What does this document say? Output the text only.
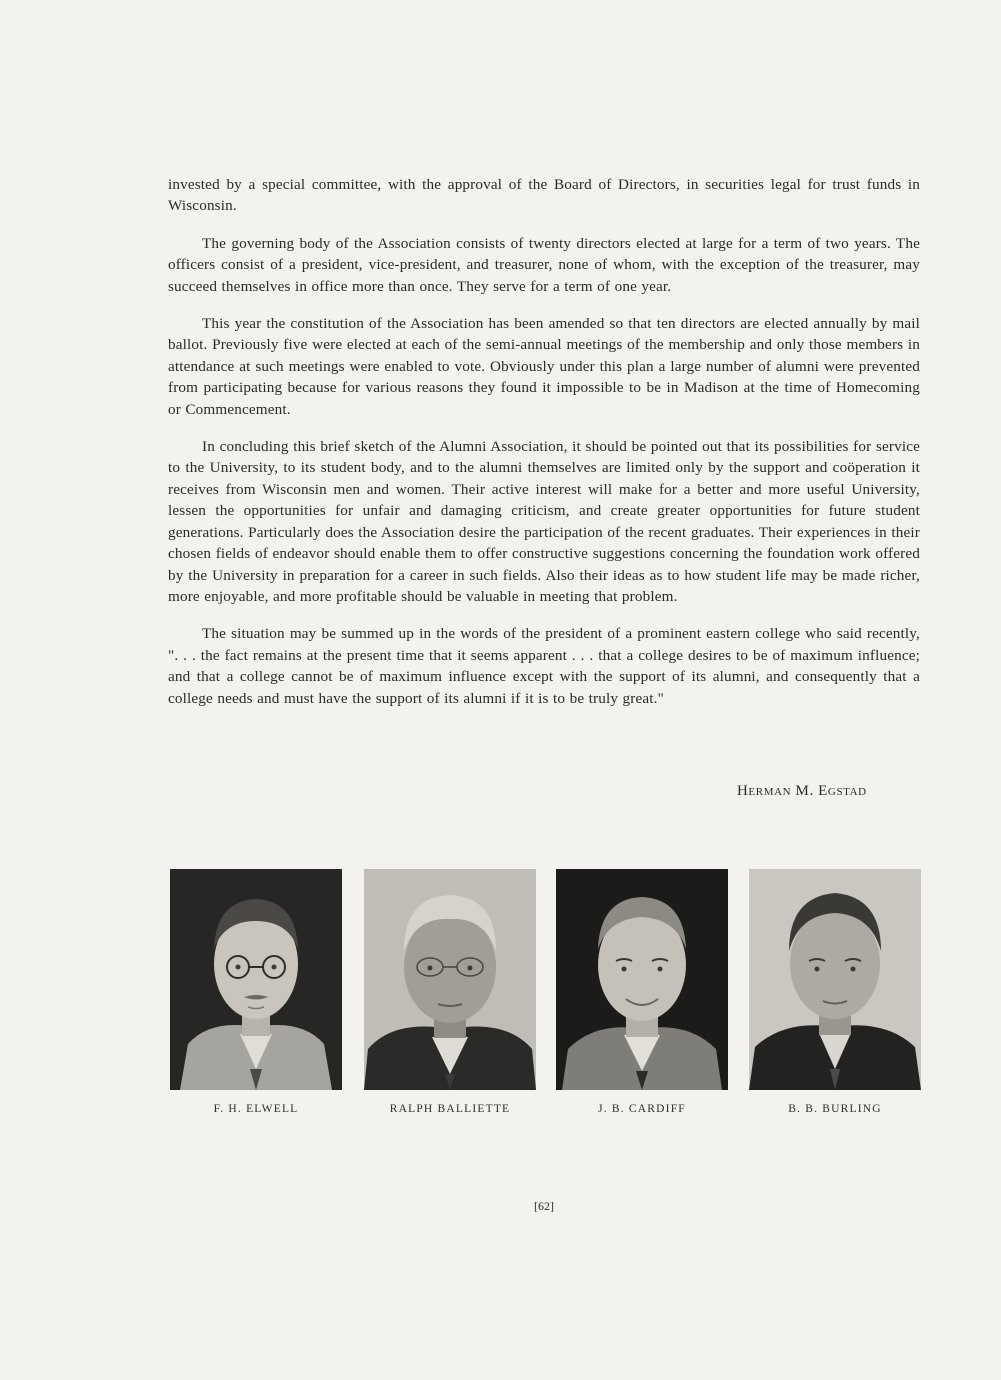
invested by a special committee, with the approval of the Board of Directors, in securities legal for trust funds in Wisconsin.

The governing body of the Association consists of twenty directors elected at large for a term of two years. The officers consist of a president, vice-president, and treasurer, none of whom, with the exception of the treasurer, may succeed themselves in office more than once. They serve for a term of one year.

This year the constitution of the Association has been amended so that ten directors are elected annually by mail ballot. Previously five were elected at each of the semi-annual meetings of the membership and only those members in attendance at such meetings were enabled to vote. Obviously under this plan a large number of alumni were prevented from participating because for various reasons they found it impossible to be in Madison at the time of Homecoming or Commencement.

In concluding this brief sketch of the Alumni Association, it should be pointed out that its possibilities for service to the University, to its student body, and to the alumni themselves are limited only by the support and coöperation it receives from Wisconsin men and women. Their active interest will make for a better and more useful University, lessen the opportunities for unfair and damaging criticism, and create greater opportunities for future student generations. Particularly does the Association desire the participation of the recent graduates. Their experiences in their chosen fields of endeavor should enable them to offer constructive suggestions concerning the foundation work offered by the University in preparation for a career in such fields. Also their ideas as to how student life may be made richer, more enjoyable, and more profitable should be valuable in meeting that problem.

The situation may be summed up in the words of the president of a prominent eastern college who said recently, ". . . the fact remains at the present time that it seems apparent . . . that a college desires to be of maximum influence; and that a college cannot be of maximum influence except with the support of its alumni, and consequently that a college needs and must have the support of its alumni if it is to be truly great."

Herman M. Egstad
F. H. ELWELL	RALPH BALLIETTE	J. B. CARDIFF	B. B. BURLING
[62]
